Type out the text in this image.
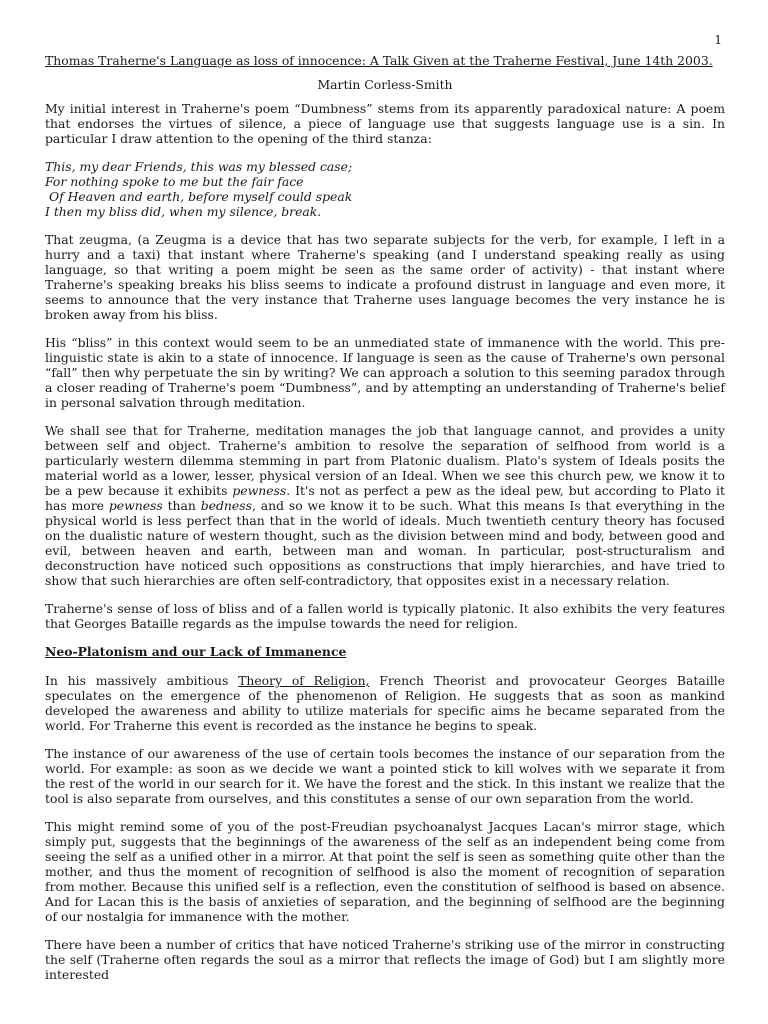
1
Thomas Traherne's Language as loss of innocence: A Talk Given at the Traherne Festival, June 14th 2003.
Martin Corless-Smith

My initial interest in Traherne's poem “Dumbness” stems from its apparently paradoxical nature: A poem that endorses the virtues of silence, a piece of language use that suggests language use is a sin. In particular I draw attention to the opening of the third stanza:

This, my dear Friends, this was my blessed case;
For nothing spoke to me but the fair face
Of Heaven and earth, before myself could speak
I then my bliss did, when my silence, break.

That zeugma, (a Zeugma is a device that has two separate subjects for the verb, for example, I left in a hurry and a taxi) that instant where Traherne's speaking (and I understand speaking really as using language, so that writing a poem might be seen as the same order of activity) - that instant where Traherne's speaking breaks his bliss seems to indicate a profound distrust in language and even more, it seems to announce that the very instance that Traherne uses language becomes the very instance he is broken away from his bliss.

His “bliss” in this context would seem to be an unmediated state of immanence with the world. This pre-linguistic state is akin to a state of innocence. If language is seen as the cause of Traherne's own personal “fall” then why perpetuate the sin by writing? We can approach a solution to this seeming paradox through a closer reading of Traherne's poem “Dumbness”, and by attempting an understanding of Traherne's belief in personal salvation through meditation.

We shall see that for Traherne, meditation manages the job that language cannot, and provides a unity between self and object. Traherne's ambition to resolve the separation of selfhood from world is a particularly western dilemma stemming in part from Platonic dualism. Plato's system of Ideals posits the material world as a lower, lesser, physical version of an Ideal. When we see this church pew, we know it to be a pew because it exhibits pewness. It's not as perfect a pew as the ideal pew, but according to Plato it has more pewness than bedness, and so we know it to be such. What this means Is that everything in the physical world is less perfect than that in the world of ideals. Much twentieth century theory has focused on the dualistic nature of western thought, such as the division between mind and body, between good and evil, between heaven and earth, between man and woman. In particular, post-structuralism and deconstruction have noticed such oppositions as constructions that imply hierarchies, and have tried to show that such hierarchies are often self-contradictory, that opposites exist in a necessary relation.

Traherne's sense of loss of bliss and of a fallen world is typically platonic. It also exhibits the very features that Georges Bataille regards as the impulse towards the need for religion.

Neo-Platonism and our Lack of Immanence

In his massively ambitious Theory of Religion, French Theorist and provocateur Georges Bataille speculates on the emergence of the phenomenon of Religion. He suggests that as soon as mankind developed the awareness and ability to utilize materials for specific aims he became separated from the world. For Traherne this event is recorded as the instance he begins to speak.

The instance of our awareness of the use of certain tools becomes the instance of our separation from the world. For example: as soon as we decide we want a pointed stick to kill wolves with we separate it from the rest of the world in our search for it. We have the forest and the stick. In this instant we realize that the tool is also separate from ourselves, and this constitutes a sense of our own separation from the world.

This might remind some of you of the post-Freudian psychoanalyst Jacques Lacan's mirror stage, which simply put, suggests that the beginnings of the awareness of the self as an independent being come from seeing the self as a unified other in a mirror. At that point the self is seen as something quite other than the mother, and thus the moment of recognition of selfhood is also the moment of recognition of separation from mother. Because this unified self is a reflection, even the constitution of selfhood is based on absence. And for Lacan this is the basis of anxieties of separation, and the beginning of selfhood are the beginning of our nostalgia for immanence with the mother.

There have been a number of critics that have noticed Traherne's striking use of the mirror in constructing the self (Traherne often regards the soul as a mirror that reflects the image of God) but I am slightly more interested
